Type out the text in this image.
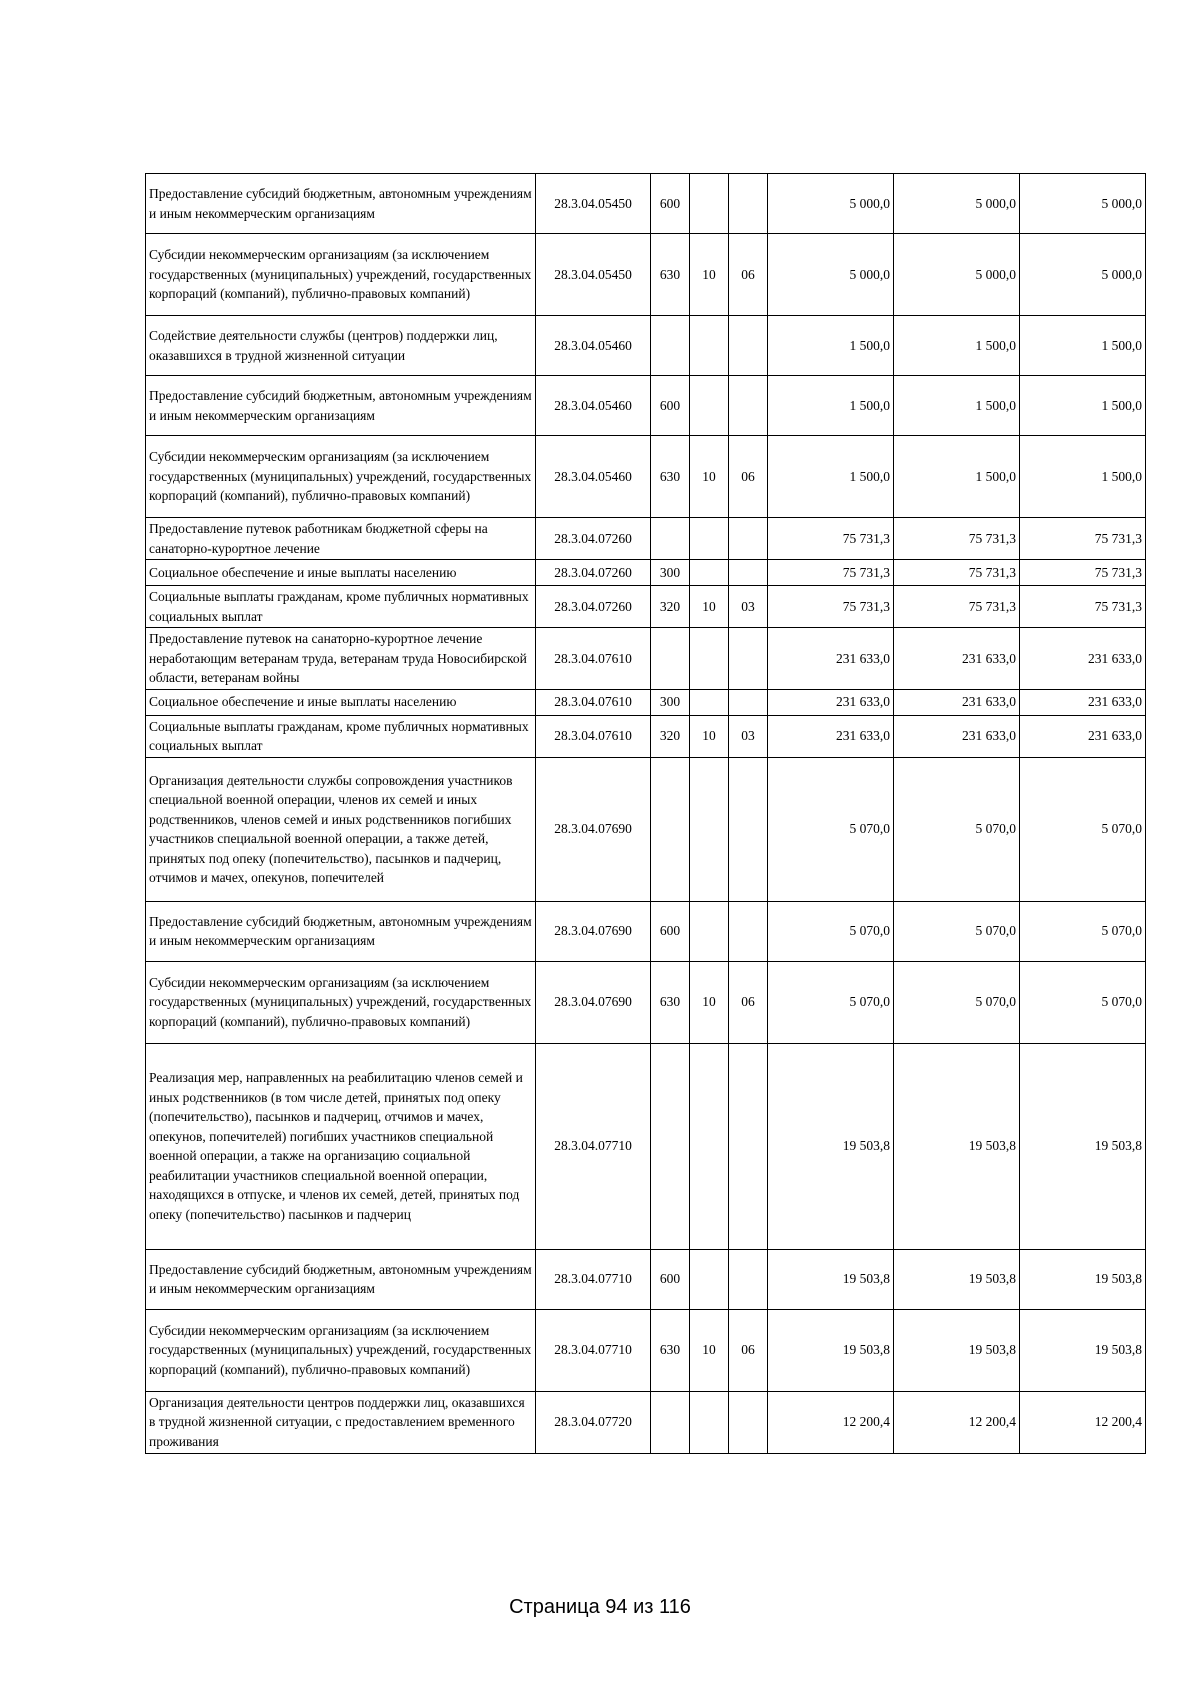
Предоставление субсидий бюджетным, автономным учреждениям и иным некоммерческим организациям	28.3.04.05450	600			5 000,0	5 000,0	5 000,0
Субсидии некоммерческим организациям (за исключением государственных (муниципальных) учреждений, государственных корпораций (компаний), публично-правовых компаний)	28.3.04.05450	630	10	06	5 000,0	5 000,0	5 000,0
Содействие деятельности службы (центров) поддержки лиц, оказавшихся в трудной жизненной ситуации	28.3.04.05460				1 500,0	1 500,0	1 500,0
Предоставление субсидий бюджетным, автономным учреждениям и иным некоммерческим организациям	28.3.04.05460	600			1 500,0	1 500,0	1 500,0
Субсидии некоммерческим организациям (за исключением государственных (муниципальных) учреждений, государственных корпораций (компаний), публично-правовых компаний)	28.3.04.05460	630	10	06	1 500,0	1 500,0	1 500,0
Предоставление путевок работникам бюджетной сферы на санаторно-курортное лечение	28.3.04.07260				75 731,3	75 731,3	75 731,3
Социальное обеспечение и иные выплаты населению	28.3.04.07260	300			75 731,3	75 731,3	75 731,3
Социальные выплаты гражданам, кроме публичных нормативных социальных выплат	28.3.04.07260	320	10	03	75 731,3	75 731,3	75 731,3
Предоставление путевок на санаторно-курортное лечение неработающим ветеранам труда, ветеранам труда Новосибирской области, ветеранам войны	28.3.04.07610				231 633,0	231 633,0	231 633,0
Социальное обеспечение и иные выплаты населению	28.3.04.07610	300			231 633,0	231 633,0	231 633,0
Социальные выплаты гражданам, кроме публичных нормативных социальных выплат	28.3.04.07610	320	10	03	231 633,0	231 633,0	231 633,0
Организация деятельности службы сопровождения участников специальной военной операции, членов их семей и иных родственников, членов семей и иных родственников погибших участников специальной военной операции, а также детей, принятых под опеку (попечительство), пасынков и падчериц, отчимов и мачех, опекунов, попечителей	28.3.04.07690				5 070,0	5 070,0	5 070,0
Предоставление субсидий бюджетным, автономным учреждениям и иным некоммерческим организациям	28.3.04.07690	600			5 070,0	5 070,0	5 070,0
Субсидии некоммерческим организациям (за исключением государственных (муниципальных) учреждений, государственных корпораций (компаний), публично-правовых компаний)	28.3.04.07690	630	10	06	5 070,0	5 070,0	5 070,0
Реализация мер, направленных на реабилитацию членов семей и иных родственников (в том числе детей, принятых под опеку (попечительство), пасынков и падчериц, отчимов и мачех, опекунов, попечителей) погибших участников специальной военной операции, а также на организацию социальной реабилитации участников специальной военной операции, находящихся в отпуске, и членов их семей, детей, принятых под опеку (попечительство) пасынков и падчериц	28.3.04.07710				19 503,8	19 503,8	19 503,8
Предоставление субсидий бюджетным, автономным учреждениям и иным некоммерческим организациям	28.3.04.07710	600			19 503,8	19 503,8	19 503,8
Субсидии некоммерческим организациям (за исключением государственных (муниципальных) учреждений, государственных корпораций (компаний), публично-правовых компаний)	28.3.04.07710	630	10	06	19 503,8	19 503,8	19 503,8
Организация деятельности центров поддержки лиц, оказавшихся в трудной жизненной ситуации, с предоставлением временного проживания	28.3.04.07720				12 200,4	12 200,4	12 200,4
Страница 94 из 116
